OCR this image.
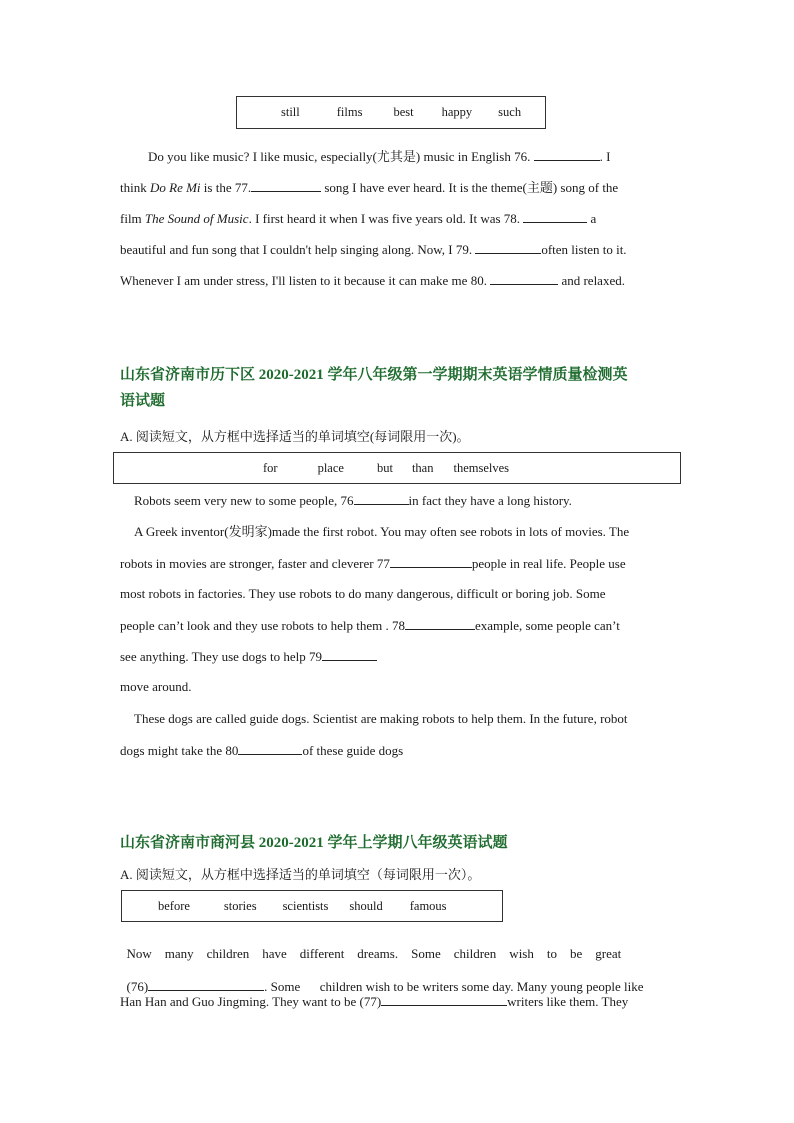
still	films best happy such
Do you like music? I like music, especially(尤其是) music in English 76.	. I
think Do Re Mi is the 77.	song I have ever heard. It is the theme(主题) song of the
film The Sound of Music. I first heard it when I was five years old. It was 78.	a
beautiful and fun song that I couldn't help singing along. Now, I 79.	often listen to it.
Whenever I am under stress, I'll listen to it because it can make me 80.	and relaxed.
山东省济南市历下区 2020-2021 学年八年级第一学期期末英语学情质量检测英
语试题
A. 阅读短文，从方框中选择适当的单词填空(每词限用一次)。
for	place	but than themselves
Robots seem very new to some people, 76	in fact they have a long history.
A Greek inventor(发明家)made the first robot. You may often see robots in lots of movies. The
robots in movies are stronger, faster and cleverer 77	people in real life. People use
most robots in factories. They use robots to do many dangerous, difficult or boring job. Some
people can’t look and they use robots to help them . 78	example, some people can’t
see anything. They use dogs to help 79
move around.
These dogs are called guide dogs. Scientist are making robots to help them. In the future, robot
dogs might take the 80	of these guide dogs
山东省济南市商河县 2020-2021 学年上学期八年级英语试题
A. 阅读短文，从方框中选择适当的单词填空（每词限用一次）。
before	stories scientists should famous

Now    many    children    have    different    dreams.    Some    children    wish    to    be    great

(76)	. Some      children wish to be writers some day. Many young people like

Han Han and Guo Jingming. They want to be (77)	writers like them. They
